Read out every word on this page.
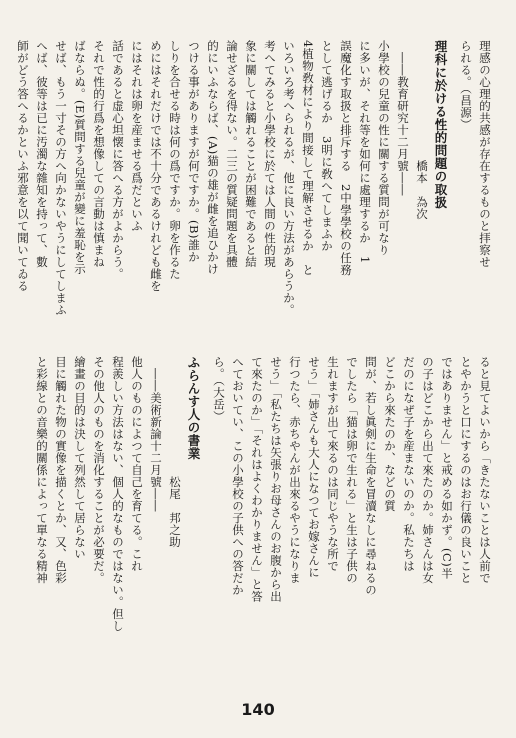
理感の心理的共感が存在するものと拝察せ
られる。（昌源）
理科に於ける性的問題の取扱
　　　　　　　　　　橋本　為次
　――教育研究十二月號――
小學校の兒童の性に關する質問が可なり
に多いが、それ等を如何に處理するか　1
誤魔化す取扱と排斥する　2中學學校の任務
として逃げるか　3明に敎へてしまふか
4植物敎材により間接して理解させるか　と
いろいろ考へられるが、他に良い方法があらうか。
考へてみると小學校に於ては人間の性的現
象に關しては觸れることが困難であると結
論せざるを得ない。二三の質疑問題を具體
的にいふならば、(A)猫の雄が雌を追ひかけ
つける事がありますが何ですか。(B)誰か
しりを合せる時は何の爲ですか。卵を作るた
めにはそれだけでは不十分であるけれども雌を
にはそれは卵を産ませる爲だといふ
話であると虚心坦懐に答へる方がよからう。
それで性的行爲を想像しての言動は慎まね
ばならぬ。(E)質問する兒童が變に羞恥を示
せば、もう一寸その方へ向かないやうにしてしまふ
へば、彼等は已に汚濁な雜知を持って、數
師がどう答へるかといふ邪意を以て聞いてゐる
ると見てよいから「きたないことは人前で
とやかうと口にするのはお行儀の良いこと
ではありません」と戒める如かず。(C)半
の子はどこから出て來たのか。姉さんは女
だのになぜ子を産まないのか。私たちは
どこから來たのか、などの質
問が、若し眞剣に生命を冒瀆なしに尋ねるの
でしたら「猫は卵で生れる」と生は子供の
生れますが出て來るのは同じやうな所で
せう」「姉さんも大人になつてお嫁さんに
行つたら、赤ちやんが出來るやうになりま
せう」「私たちは矢張りお母さんのお腹から出
て來たのか」「それはよくわかりません」と答
へておいてい、この小學校の子供への答だか
ら。（大岳）
ふらんす人の書業
　　　　　　　　　　松尾　邦之助
　――美術新論十二月號――
他人のものによつて自己を育てる。これ
程羨しい方法はない、個人的なものではない。但し
その他人のものを消化することが必要だ。
繪畫の目的は決して列然して居らない
目に觸れた物の實像を描くとか、又、色彩
と彩線との音樂的關係によって單なる精神
140
